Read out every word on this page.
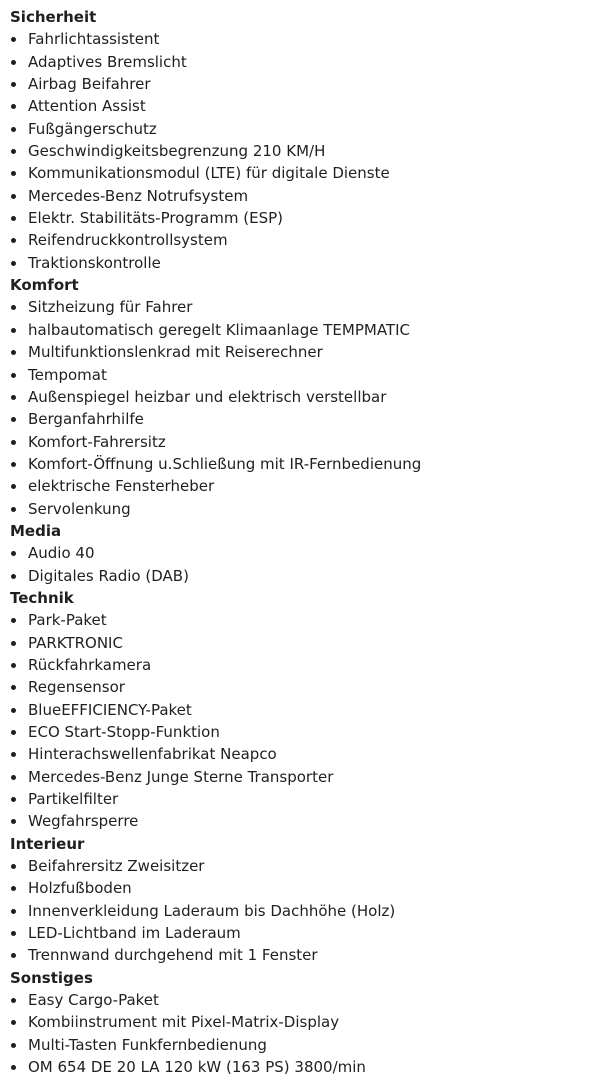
Sicherheit
Fahrlichtassistent
Adaptives Bremslicht
Airbag Beifahrer
Attention Assist
Fußgängerschutz
Geschwindigkeitsbegrenzung 210 KM/H
Kommunikationsmodul (LTE) für digitale Dienste
Mercedes-Benz Notrufsystem
Elektr. Stabilitäts-Programm (ESP)
Reifendruckkontrollsystem
Traktionskontrolle
Komfort
Sitzheizung für Fahrer
halbautomatisch geregelt Klimaanlage TEMPMATIC
Multifunktionslenkrad mit Reiserechner
Tempomat
Außenspiegel heizbar und elektrisch verstellbar
Berganfahrhilfe
Komfort-Fahrersitz
Komfort-Öffnung u.Schließung mit IR-Fernbedienung
elektrische Fensterheber
Servolenkung
Media
Audio 40
Digitales Radio (DAB)
Technik
Park-Paket
PARKTRONIC
Rückfahrkamera
Regensensor
BlueEFFICIENCY-Paket
ECO Start-Stopp-Funktion
Hinterachswellenfabrikat Neapco
Mercedes-Benz Junge Sterne Transporter
Partikelfilter
Wegfahrsperre
Interieur
Beifahrersitz Zweisitzer
Holzfußboden
Innenverkleidung Laderaum bis Dachhöhe (Holz)
LED-Lichtband im Laderaum
Trennwand durchgehend mit 1 Fenster
Sonstiges
Easy Cargo-Paket
Kombiinstrument mit Pixel-Matrix-Display
Multi-Tasten Funkfernbedienung
OM 654 DE 20 LA 120 kW (163 PS) 3800/min
